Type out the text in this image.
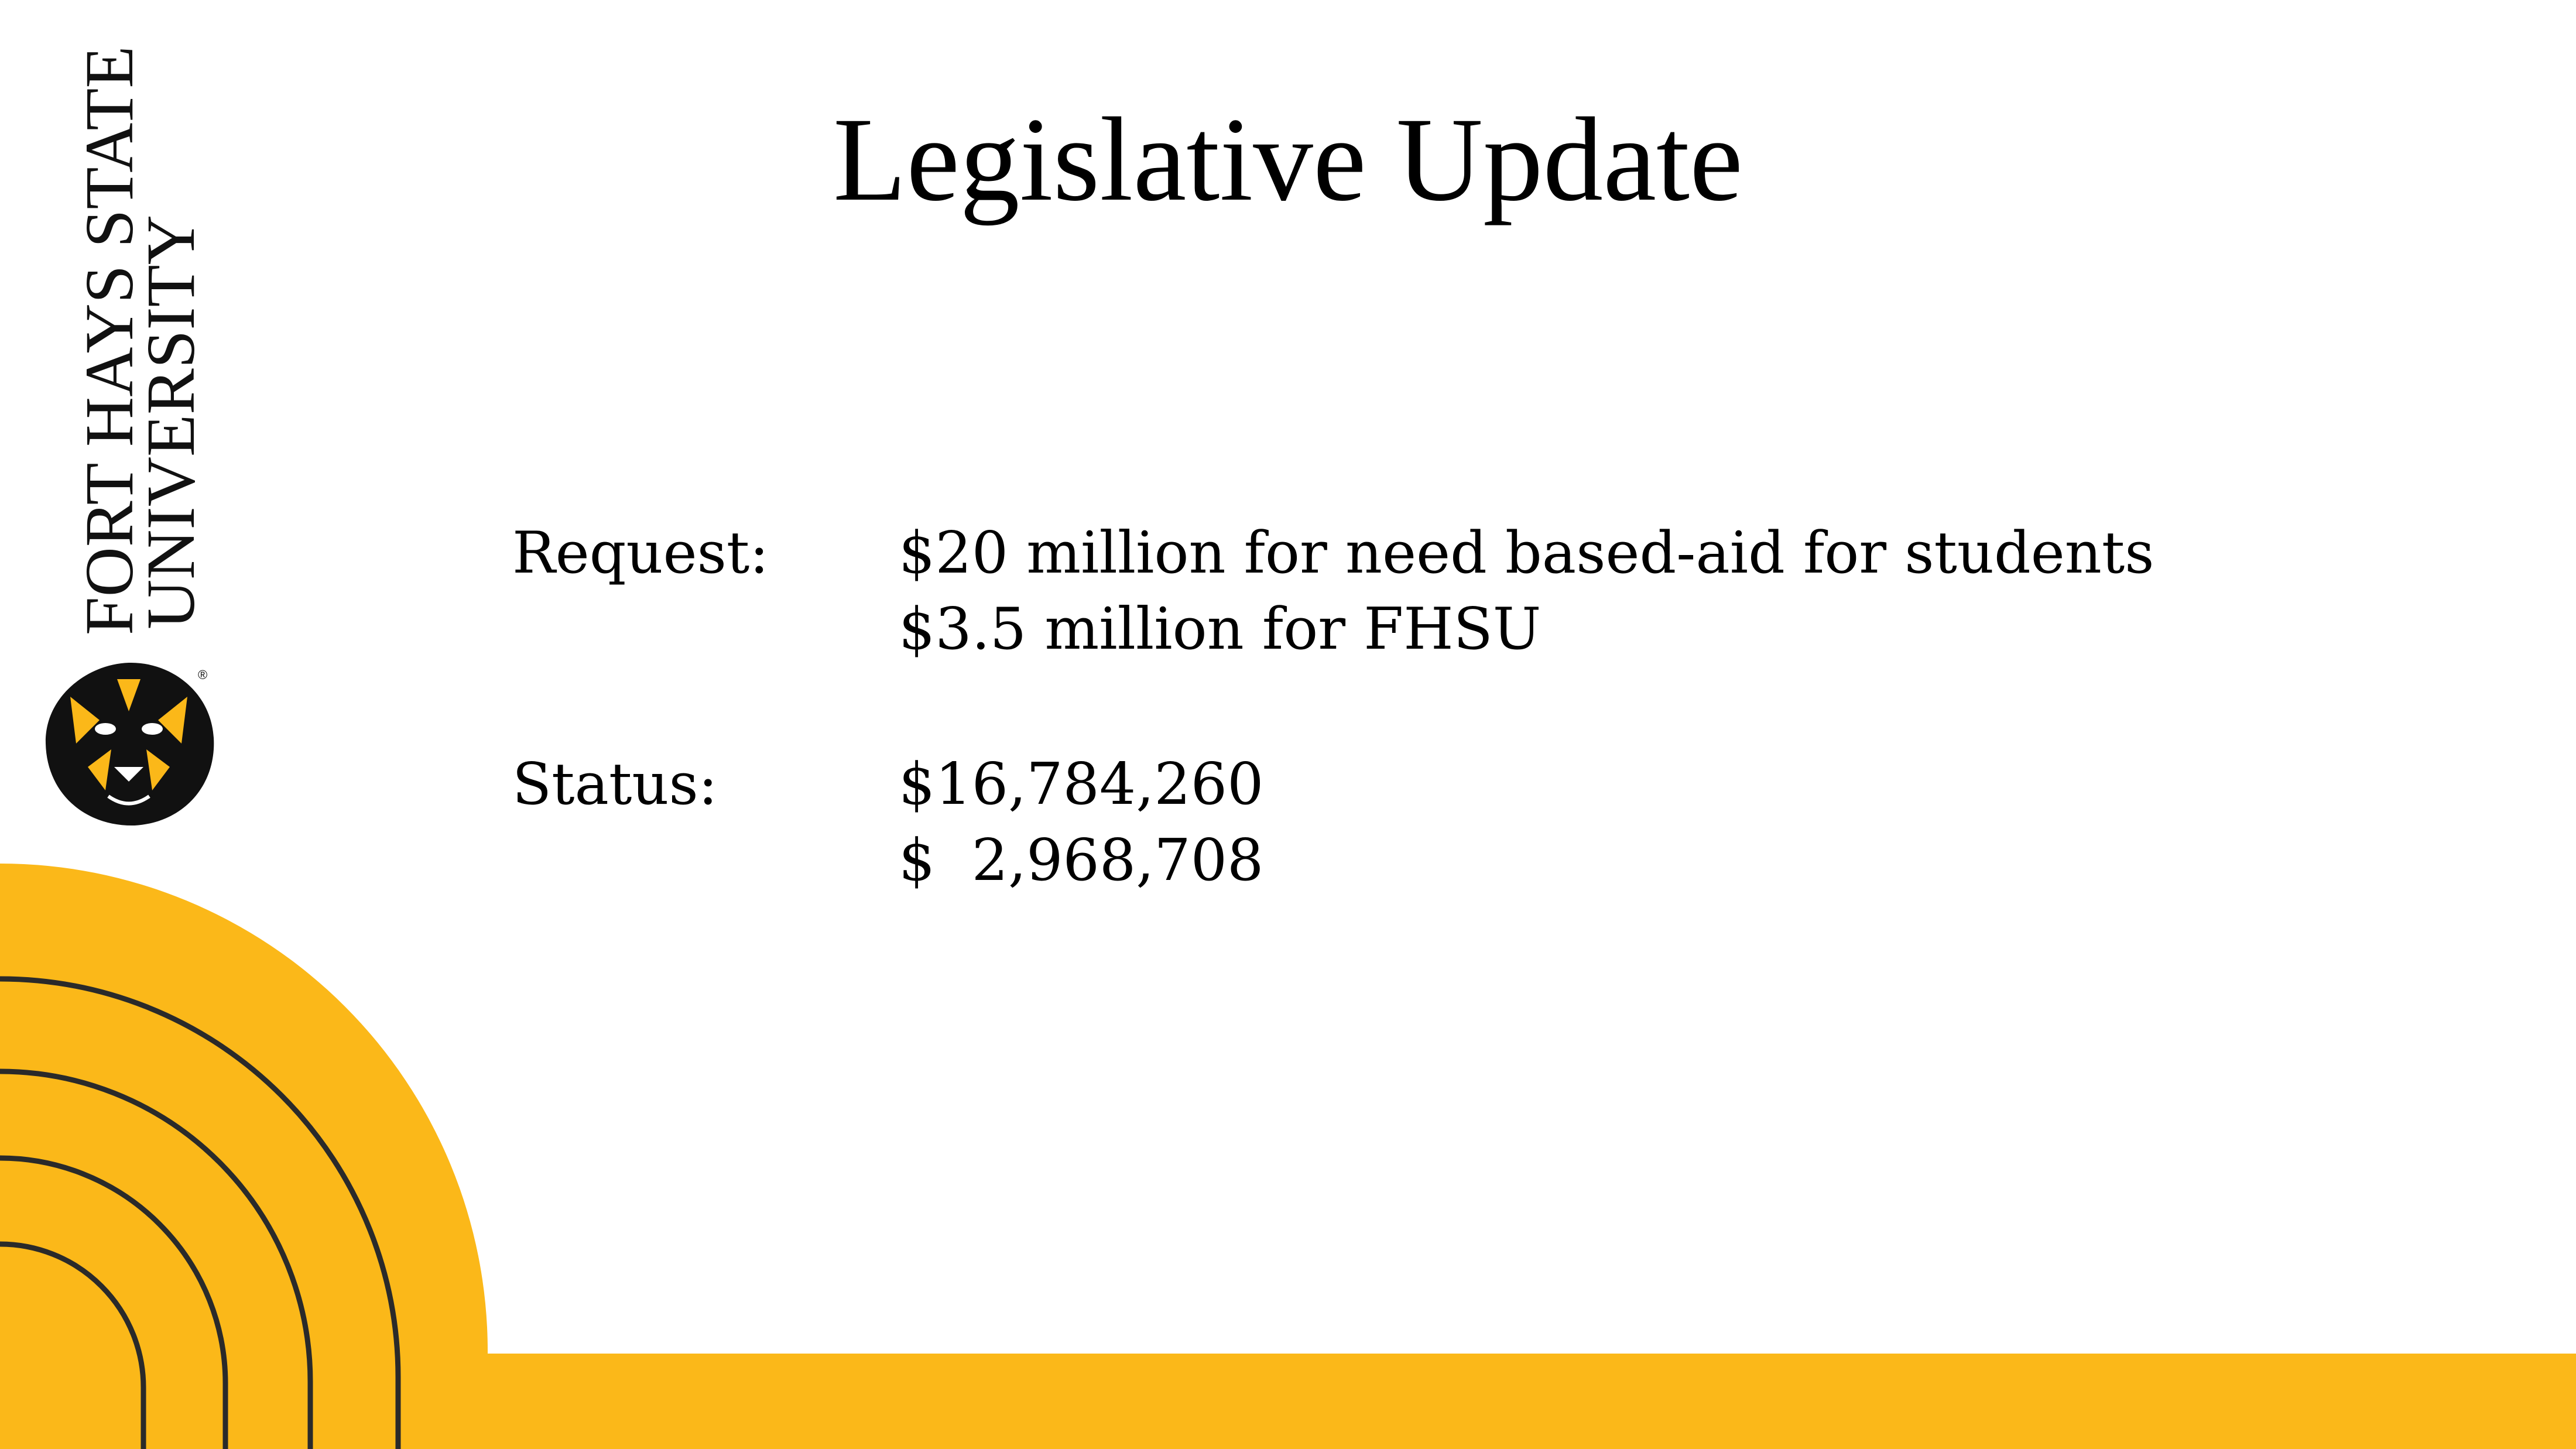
FORT HAYS STATE
UNIVERSITY
®
Legislative Update
Request:	$20 million for need based-aid for students
$3.5 million for FHSU
Status:	$16,784,260
$  2,968,708
